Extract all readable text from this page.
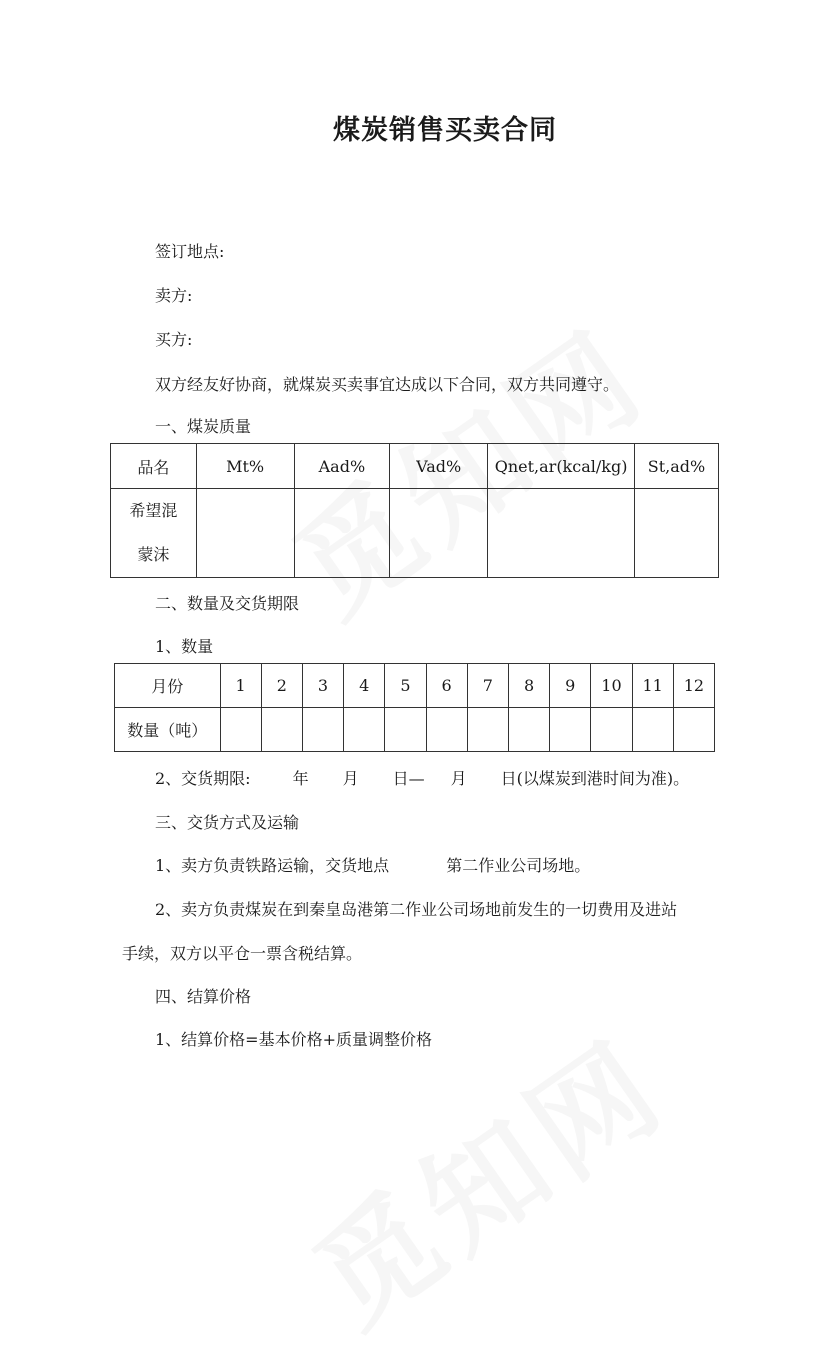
煤炭销售买卖合同
签订地点:
卖方:
买方:
双方经友好协商，就煤炭买卖事宜达成以下合同，双方共同遵守。
一、煤炭质量
品名	Mt%	Aad%	Vad%	Qnet,ar(kcal/kg)	St,ad%

希望混
蒙沫					

二、数量及交货期限
1、数量
月份	1	2	3	4	5	6	7	8	9	10	11	12
数量（吨）												
2、交货期限:	年 月 日— 月 日(以煤炭到港时间为准)。
三、交货方式及运输
1、卖方负责铁路运输，交货地点	第二作业公司场地。
2、卖方负责煤炭在到秦皇岛港第二作业公司场地前发生的一切费用及进站
手续，双方以平仓一票含税结算。
四、结算价格
1、结算价格=基本价格+质量调整价格
